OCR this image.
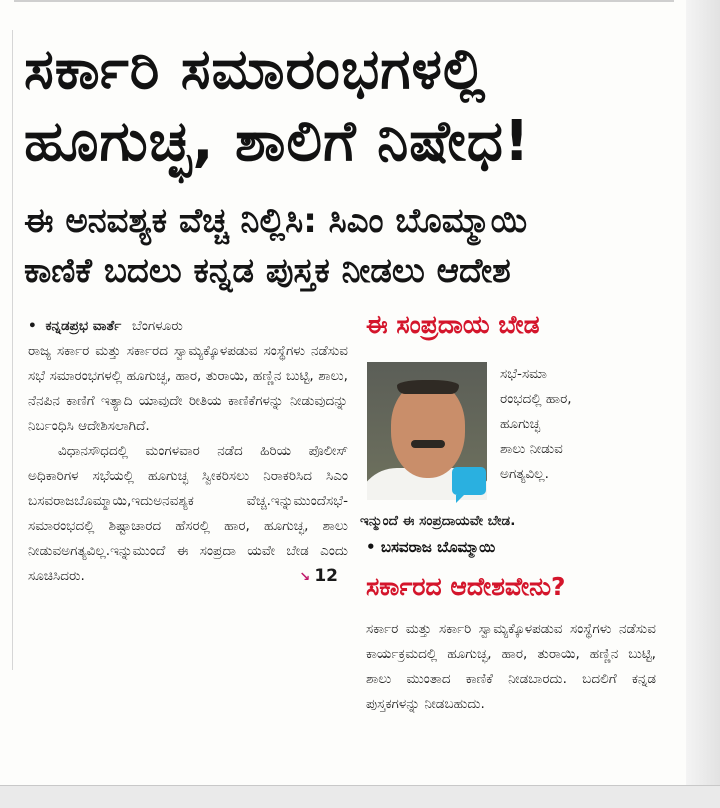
ಸರ್ಕಾರಿ ಸಮಾರಂಭಗಳಲ್ಲಿ
ಹೂಗುಚ್ಛ, ಶಾಲಿಗೆ ನಿಷೇಧ!
ಈ ಅನವಶ್ಯಕ ವೆಚ್ಚ ನಿಲ್ಲಿಸಿ: ಸಿಎಂ ಬೊಮ್ಮಾಯಿ
ಕಾಣಿಕೆ ಬದಲು ಕನ್ನಡ ಪುಸ್ತಕ ನೀಡಲು ಆದೇಶ

• ಕನ್ನಡಪ್ರಭ ವಾರ್ತೆ ಬೆಂಗಳೂರು

ರಾಜ್ಯ ಸರ್ಕಾರ ಮತ್ತು ಸರ್ಕಾರದ ಸ್ವಾಮ್ಯಕ್ಕೊಳಪಡುವ ಸಂಸ್ಥೆಗಳು ನಡೆಸುವ ಸಭೆ ಸಮಾರಂಭಗಳಲ್ಲಿ ಹೂಗುಚ್ಛ, ಹಾರ, ತುರಾಯಿ, ಹಣ್ಣಿನ ಬುಟ್ಟಿ, ಶಾಲು, ನೆನಪಿನ ಕಾಣಿಗೆ ಇತ್ಯಾದಿ ಯಾವುದೇ ರೀತಿಯ ಕಾಣಿಕೆಗಳನ್ನು ನೀಡುವುದನ್ನು ನಿರ್ಬಂಧಿಸಿ ಆದೇಶಿಸಲಾಗಿದೆ.

ವಿಧಾನಸೌಧದಲ್ಲಿ ಮಂಗಳವಾರ ನಡೆದ ಹಿರಿಯ ಪೊಲೀಸ್ ಅಧಿಕಾರಿಗಳ ಸಭೆಯಲ್ಲಿ ಹೂಗುಚ್ಛ ಸ್ವೀಕರಿಸಲು ನಿರಾಕರಿಸಿದ ಸಿಎಂ ಬಸವರಾಜಬೊಮ್ಮಾಯಿ,ಇದುಅನವಶ್ಯಕ ವೆಚ್ಚ.ಇನ್ನುಮುಂದೆಸಭೆ-ಸಮಾರಂಭದಲ್ಲಿ ಶಿಷ್ಟಾಚಾರದ ಹೆಸರಲ್ಲಿ ಹಾರ, ಹೂಗುಚ್ಛ, ಶಾಲು ನೀಡುವಅಗತ್ಯವಿಲ್ಲ.ಇನ್ನುಮುಂದೆ ಈ ಸಂಪ್ರದಾ ಯವೇ ಬೇಡ ಎಂದು ಸೂಚಿಸಿದರು.	↘ 12

ಈ ಸಂಪ್ರದಾಯ ಬೇಡ
ಸಭೆ-ಸಮಾ
ರಂಭದಲ್ಲಿ ಹಾರ,
ಹೂಗುಚ್ಛ
ಶಾಲು ನೀಡುವ
ಅಗತ್ಯವಿಲ್ಲ.

ಇನ್ಮುಂದೆ ಈ ಸಂಪ್ರದಾಯವೇ ಬೇಡ.

• ಬಸವರಾಜ ಬೊಮ್ಮಾಯಿ

ಸರ್ಕಾರದ ಆದೇಶವೇನು?

ಸರ್ಕಾರ ಮತ್ತು ಸರ್ಕಾರಿ ಸ್ವಾಮ್ಯಕ್ಕೊಳಪಡುವ ಸಂಸ್ಥೆಗಳು ನಡೆಸುವ ಕಾರ್ಯಕ್ರಮದಲ್ಲಿ ಹೂಗುಚ್ಛ, ಹಾರ, ತುರಾಯಿ, ಹಣ್ಣಿನ ಬುಟ್ಟಿ, ಶಾಲು ಮುಂತಾದ ಕಾಣಿಕೆ ನೀಡಬಾರದು. ಬದಲಿಗೆ ಕನ್ನಡ ಪುಸ್ತಕಗಳನ್ನು ನೀಡಬಹುದು.
